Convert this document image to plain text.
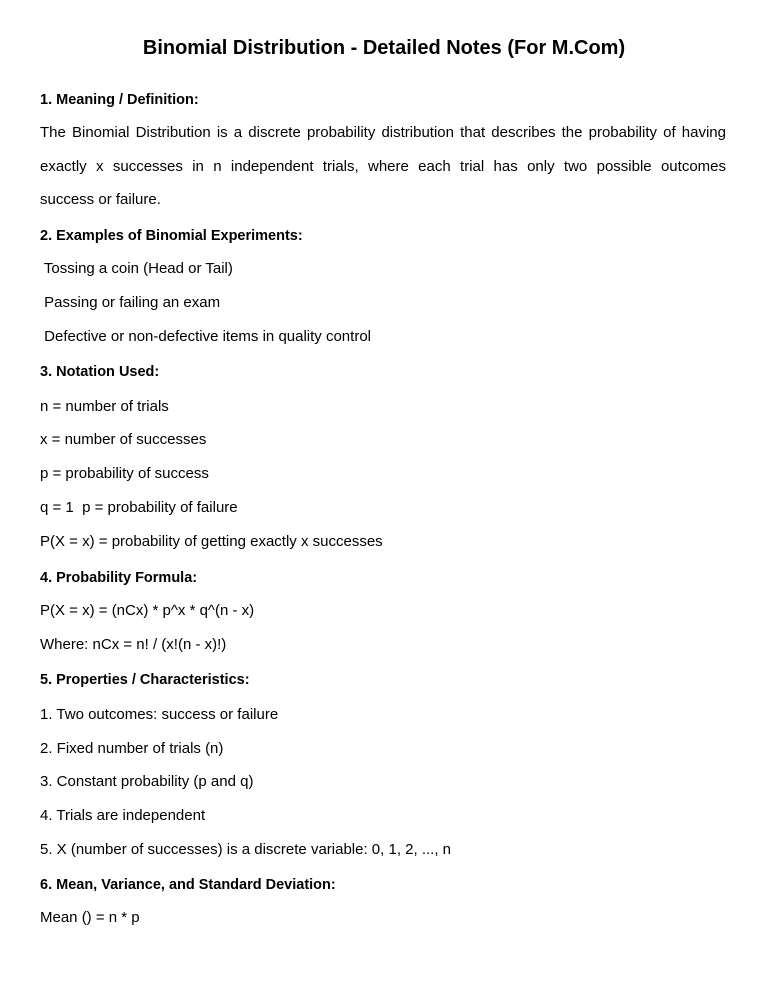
Binomial Distribution - Detailed Notes (For M.Com)
1. Meaning / Definition:
The Binomial Distribution is a discrete probability distribution that describes the probability of having
exactly x successes in n independent trials, where each trial has only two possible outcomes
success or failure.
2. Examples of Binomial Experiments:
Tossing a coin (Head or Tail)
Passing or failing an exam
Defective or non-defective items in quality control
3. Notation Used:
n = number of trials
x = number of successes
p = probability of success
q = 1  p = probability of failure
P(X = x) = probability of getting exactly x successes
4. Probability Formula:
P(X = x) = (nCx) * p^x * q^(n - x)
Where: nCx = n! / (x!(n - x)!)
5. Properties / Characteristics:
1. Two outcomes: success or failure
2. Fixed number of trials (n)
3. Constant probability (p and q)
4. Trials are independent
5. X (number of successes) is a discrete variable: 0, 1, 2, ..., n
6. Mean, Variance, and Standard Deviation:
Mean () = n * p
